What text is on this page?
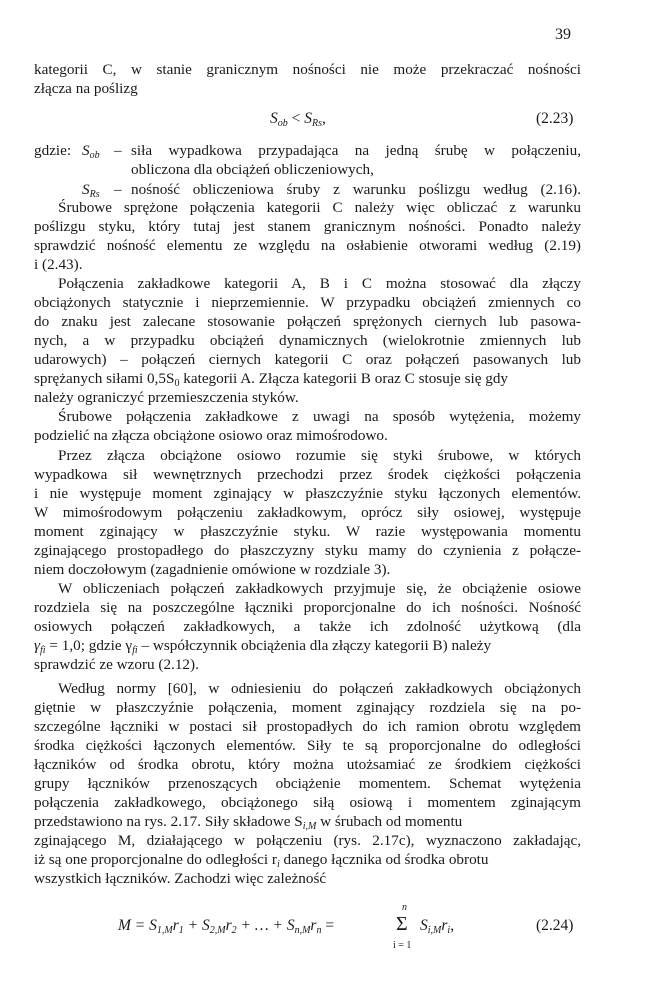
39
kategorii C, w stanie granicznym nośności nie może przekraczać nośności
złącza na poślizg
$S_{ob} < S_{Rs}$,	(2.23)
gdzie: $S_{ob}$ – siła wypadkowa przypadająca na jedną śrubę w połączeniu,
obliczona dla obciążeń obliczeniowych,
$S_{Rs}$ – nośność obliczeniowa śruby z warunku poślizgu według (2.16).
Śrubowe sprężone połączenia kategorii C należy więc obliczać z warunku
poślizgu styku, który tutaj jest stanem granicznym nośności. Ponadto należy
sprawdzić nośność elementu ze względu na osłabienie otworami według (2.19)
i (2.43).
Połączenia zakładkowe kategorii A, B i C można stosować dla złączy
obciążonych statycznie i nieprzemiennie. W przypadku obciążeń zmiennych co
do znaku jest zalecane stosowanie połączeń sprężonych ciernych lub pasowa-
nych, a w przypadku obciążeń dynamicznych (wielokrotnie zmiennych lub
udarowych) – połączeń ciernych kategorii C oraz połączeń pasowanych lub
sprężanych siłami $0,5S_0$ kategorii A. Złącza kategorii B oraz C stosuje się gdy
należy ograniczyć przemieszczenia styków.
Śrubowe połączenia zakładkowe z uwagi na sposób wytężenia, możemy
podzielić na złącza obciążone osiowo oraz mimośrodowo.
Przez złącza obciążone osiowo rozumie się styki śrubowe, w których
wypadkowa sił wewnętrznych przechodzi przez środek ciężkości połączenia
i nie występuje moment zginający w płaszczyźnie styku łączonych elementów.
W mimośrodowym połączeniu zakładkowym, oprócz siły osiowej, występuje
moment zginający w płaszczyźnie styku. W razie występowania momentu
zginającego prostopadłego do płaszczyzny styku mamy do czynienia z połącze-
niem doczołowym (zagadnienie omówione w rozdziale 3).
W obliczeniach połączeń zakładkowych przyjmuje się, że obciążenie osiowe
rozdziela się na poszczególne łączniki proporcjonalne do ich nośności. Nośność
osiowych połączeń zakładkowych, a także ich zdolność użytkową (dla
$\gamma_{fi} = 1,0$; gdzie $\gamma_{fi}$ – współczynnik obciążenia dla złączy kategorii B) należy
sprawdzić ze wzoru (2.12).
Według normy [60], w odniesieniu do połączeń zakładkowych obciążonych
giętnie w płaszczyźnie połączenia, moment zginający rozdziela się na po-
szczególne łączniki w postaci sił prostopadłych do ich ramion obrotu względem
środka ciężkości łączonych elementów. Siły te są proporcjonalne do odległości
łączników od środka obrotu, który można utożsamiać ze środkiem ciężkości
grupy łączników przenoszących obciążenie momentem. Schemat wytężenia
połączenia zakładkowego, obciążonego siłą osiową i momentem zginającym
przedstawiono na rys. 2.17. Siły składowe $S_{i,M}$ w śrubach od momentu
zginającego M, działającego w połączeniu (rys. 2.17c), wyznaczono zakładając,
iż są one proporcjonalne do odległości $r_i$ danego łącznika od środka obrotu
wszystkich łączników. Zachodzi więc zależność
$M = S_{1,M}r_1 + S_{2,M}r_2$ + … + $S_{n,M}r_n$ =
n
Σ
i = 1
$S_{i,M}r_i$,	(2.24)
